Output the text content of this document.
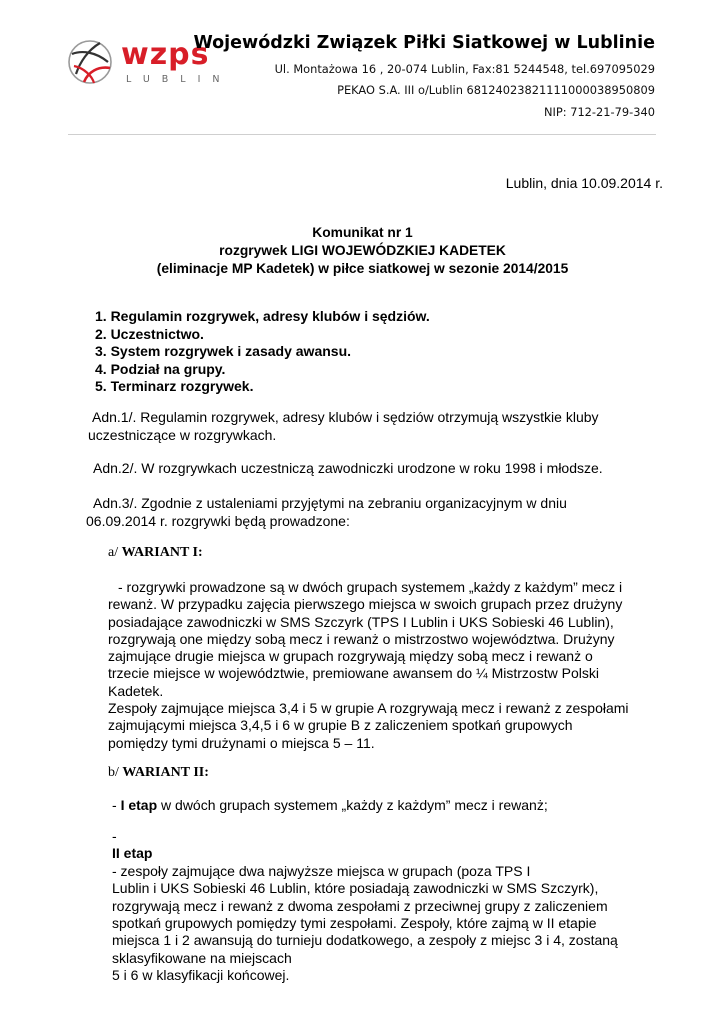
wzps
LUBLIN
Wojewódzki Związek Piłki Siatkowej w Lublinie
Ul. Montażowa 16 , 20-074 Lublin, Fax:81 5244548, tel.697095029
PEKAO S.A. III o/Lublin 68124023821111000038950809
NIP: 712-21-79-340
Lublin, dnia 10.09.2014 r.
Komunikat nr 1
rozgrywek LIGI WOJEWÓDZKIEJ KADETEK
(eliminacje MP Kadetek) w piłce siatkowej w sezonie 2014/2015
1. Regulamin rozgrywek, adresy klubów i sędziów.
2. Uczestnictwo.
3. System rozgrywek i zasady awansu.
4. Podział na grupy.
5. Terminarz rozgrywek.
Adn.1/. Regulamin rozgrywek, adresy klubów i sędziów otrzymują wszystkie kluby
uczestniczące w rozgrywkach.
Adn.2/. W rozgrywkach uczestniczą zawodniczki urodzone w roku 1998 i młodsze.
Adn.3/. Zgodnie z ustaleniami przyjętymi na zebraniu organizacyjnym w dniu
06.09.2014 r. rozgrywki będą prowadzone:
a/ WARIANT I:
- rozgrywki prowadzone są w dwóch grupach systemem „każdy z każdym” mecz i
rewanż. W przypadku zajęcia pierwszego miejsca w swoich grupach przez drużyny
posiadające zawodniczki w SMS Szczyrk (TPS I Lublin i UKS Sobieski 46 Lublin),
rozgrywają one między sobą mecz i rewanż o mistrzostwo województwa. Drużyny
zajmujące drugie miejsca w grupach rozgrywają między sobą mecz i rewanż o
trzecie miejsce w województwie, premiowane awansem do ¼ Mistrzostw Polski
Kadetek.
Zespoły zajmujące miejsca 3,4 i 5 w grupie A rozgrywają mecz i rewanż z zespołami
zajmującymi miejsca 3,4,5 i 6 w grupie B z zaliczeniem spotkań grupowych
pomiędzy tymi drużynami o miejsca 5 – 11.
b/ WARIANT II:
- I etap w dwóch grupach systemem „każdy z każdym” mecz i rewanż;
-
II etap
- zespoły zajmujące dwa najwyższe miejsca w grupach (poza TPS I
Lublin i UKS Sobieski 46 Lublin, które posiadają zawodniczki w SMS Szczyrk),
rozgrywają mecz i rewanż z dwoma zespołami z przeciwnej grupy z zaliczeniem
spotkań grupowych pomiędzy tymi zespołami. Zespoły, które zajmą w II etapie
miejsca 1 i 2 awansują do turnieju dodatkowego, a zespoły z miejsc 3 i 4, zostaną
sklasyfikowane na miejscach
5 i 6 w klasyfikacji końcowej.
